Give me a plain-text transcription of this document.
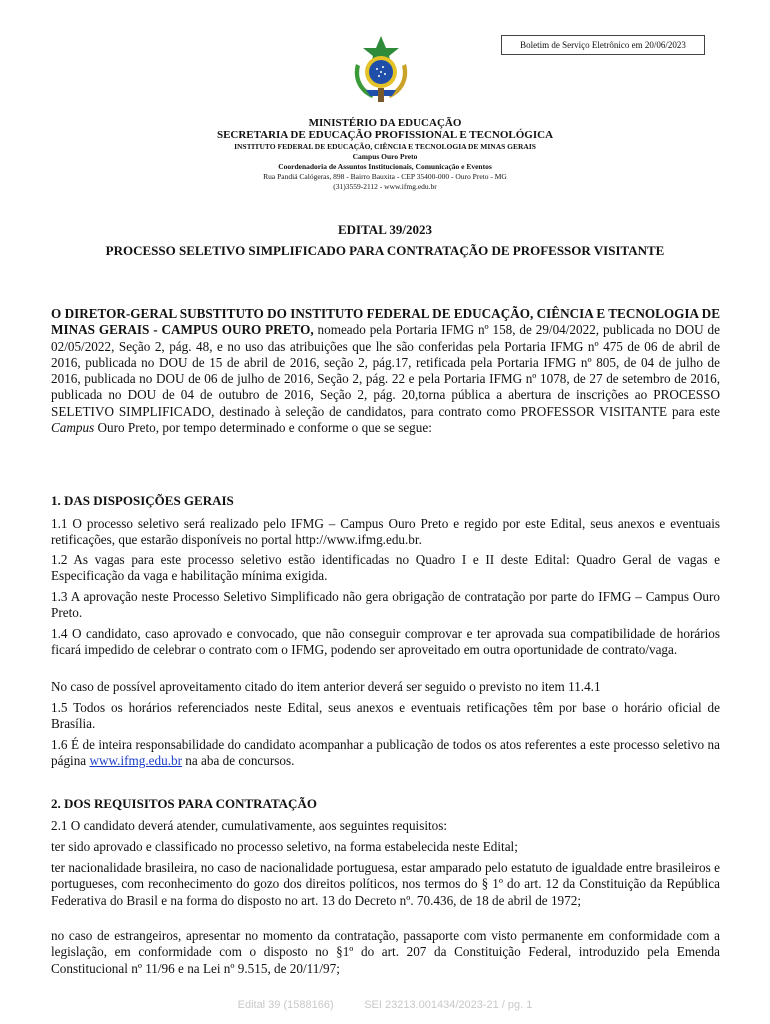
Boletim de Serviço Eletrônico em 20/06/2023
MINISTÉRIO DA EDUCAÇÃO
SECRETARIA DE EDUCAÇÃO PROFISSIONAL E TECNOLÓGICA
INSTITUTO FEDERAL DE EDUCAÇÃO, CIÊNCIA E TECNOLOGIA DE MINAS GERAIS
Campus Ouro Preto
Coordenadoria de Assuntos Institucionais, Comunicação e Eventos
Rua Pandiá Calógeras, 898 - Bairro Bauxita - CEP 35400-000 - Ouro Preto - MG
(31)3559-2112 - www.ifmg.edu.br
EDITAL 39/2023
PROCESSO SELETIVO SIMPLIFICADO PARA CONTRATAÇÃO DE PROFESSOR VISITANTE
O DIRETOR-GERAL SUBSTITUTO DO INSTITUTO FEDERAL DE EDUCAÇÃO, CIÊNCIA E TECNOLOGIA DE MINAS GERAIS - CAMPUS OURO PRETO, nomeado pela Portaria IFMG nº 158, de 29/04/2022, publicada no DOU de 02/05/2022, Seção 2, pág. 48, e no uso das atribuições que lhe são conferidas pela Portaria IFMG nº 475 de 06 de abril de 2016, publicada no DOU de 15 de abril de 2016, seção 2, pág.17, retificada pela Portaria IFMG nº 805, de 04 de julho de 2016, publicada no DOU de 06 de julho de 2016, Seção 2, pág. 22 e pela Portaria IFMG nº 1078, de 27 de setembro de 2016, publicada no DOU de 04 de outubro de 2016, Seção 2, pág. 20,torna pública a abertura de inscrições ao PROCESSO SELETIVO SIMPLIFICADO, destinado à seleção de candidatos, para contrato como PROFESSOR VISITANTE para este Campus Ouro Preto, por tempo determinado e conforme o que se segue:
1. DAS DISPOSIÇÕES GERAIS
1.1 O processo seletivo será realizado pelo IFMG – Campus Ouro Preto e regido por este Edital, seus anexos e eventuais retificações, que estarão disponíveis no portal http://www.ifmg.edu.br.
1.2 As vagas para este processo seletivo estão identificadas no Quadro I e II deste Edital: Quadro Geral de vagas e Especificação da vaga e habilitação mínima exigida.
1.3 A aprovação neste Processo Seletivo Simplificado não gera obrigação de contratação por parte do IFMG – Campus Ouro Preto.
1.4 O candidato, caso aprovado e convocado, que não conseguir comprovar e ter aprovada sua compatibilidade de horários ficará impedido de celebrar o contrato com o IFMG, podendo ser aproveitado em outra oportunidade de contrato/vaga.
No caso de possível aproveitamento citado do item anterior deverá ser seguido o previsto no item 11.4.1
1.5 Todos os horários referenciados neste Edital, seus anexos e eventuais retificações têm por base o horário oficial de Brasília.
1.6 É de inteira responsabilidade do candidato acompanhar a publicação de todos os atos referentes a este processo seletivo na página www.ifmg.edu.br na aba de concursos.
2. DOS REQUISITOS PARA CONTRATAÇÃO
2.1 O candidato deverá atender, cumulativamente, aos seguintes requisitos:
ter sido aprovado e classificado no processo seletivo, na forma estabelecida neste Edital;
ter nacionalidade brasileira, no caso de nacionalidade portuguesa, estar amparado pelo estatuto de igualdade entre brasileiros e portugueses, com reconhecimento do gozo dos direitos políticos, nos termos do § 1º do art. 12 da Constituição da República Federativa do Brasil e na forma do disposto no art. 13 do Decreto nº. 70.436, de 18 de abril de 1972;
no caso de estrangeiros, apresentar no momento da contratação, passaporte com visto permanente em conformidade com a legislação, em conformidade com o disposto no §1º do art. 207 da Constituição Federal, introduzido pela Emenda Constitucional nº 11/96 e na Lei nº 9.515, de 20/11/97;
Edital 39 (1588166)	SEI 23213.001434/2023-21 / pg. 1
